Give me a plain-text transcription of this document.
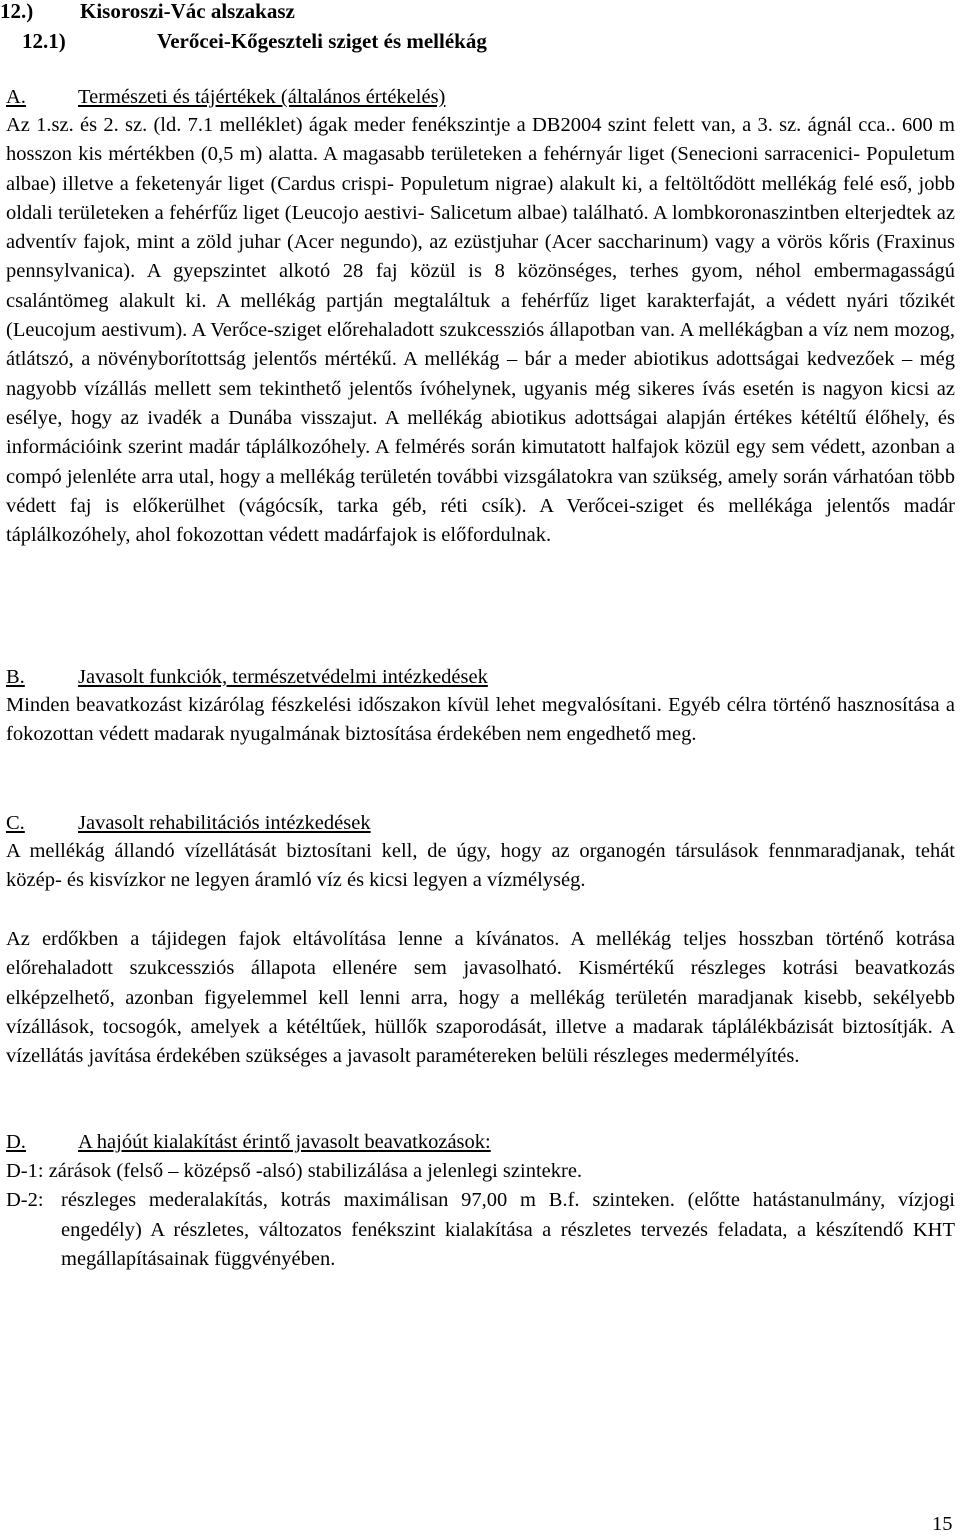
12.) Kisoroszi-Vác alszakasz
12.1)	Verőcei-Kőgeszteli sziget és mellékág
A.	Természeti és tájértékek (általános értékelés)
Az 1.sz. és 2. sz. (ld. 7.1 melléklet) ágak meder fenékszintje a DB2004 szint felett van, a 3. sz. ágnál cca.. 600 m hosszon kis mértékben (0,5 m) alatta. A magasabb területeken a fehérnyár liget (Senecioni sarracenici- Populetum albae) illetve a feketenyár liget (Cardus crispi- Populetum nigrae) alakult ki, a feltöltődött mellékág felé eső, jobb oldali területeken a fehérfűz liget (Leucojo aestivi- Salicetum albae) található. A lombkoronaszintben elterjedtek az adventív fajok, mint a zöld juhar (Acer negundo), az ezüstjuhar (Acer saccharinum) vagy a vörös kőris (Fraxinus pennsylvanica). A gyepszintet alkotó 28 faj közül is 8 közönséges, terhes gyom, néhol embermagasságú csalántömeg alakult ki. A mellékág partján megtaláltuk a fehérfűz liget karakterfaját, a védett nyári tőzikét (Leucojum aestivum). A Verőce-sziget előrehaladott szukcessziós állapotban van. A mellékágban a víz nem mozog, átlátszó, a növényborítottság jelentős mértékű. A mellékág – bár a meder abiotikus adottságai kedvezőek – még nagyobb vízállás mellett sem tekinthető jelentős ívóhelynek, ugyanis még sikeres ívás esetén is nagyon kicsi az esélye, hogy az ivadék a Dunába visszajut. A mellékág abiotikus adottságai alapján értékes kétéltű élőhely, és információink szerint madár táplálkozóhely. A felmérés során kimutatott halfajok közül egy sem védett, azonban a compó jelenléte arra utal, hogy a mellékág területén további vizsgálatokra van szükség, amely során várhatóan több védett faj is előkerülhet (vágócsík, tarka géb, réti csík). A Verőcei-sziget és mellékága jelentős madár táplálkozóhely, ahol fokozottan védett madárfajok is előfordulnak.
B.	Javasolt funkciók, természetvédelmi intézkedések
Minden beavatkozást kizárólag fészkelési időszakon kívül lehet megvalósítani. Egyéb célra történő hasznosítása a fokozottan védett madarak nyugalmának biztosítása érdekében nem engedhető meg.
C.	Javasolt rehabilitációs intézkedések
A mellékág állandó vízellátását biztosítani kell, de úgy, hogy az organogén társulások fennmaradjanak, tehát közép- és kisvízkor ne legyen áramló víz és kicsi legyen a vízmélység.
Az erdőkben a tájidegen fajok eltávolítása lenne a kívánatos. A mellékág teljes hosszban történő kotrása előrehaladott szukcessziós állapota ellenére sem javasolható. Kismértékű részleges kotrási beavatkozás elképzelhető, azonban figyelemmel kell lenni arra, hogy a mellékág területén maradjanak kisebb, sekélyebb vízállások, tocsogók, amelyek a kétéltűek, hüllők szaporodását, illetve a madarak táplálékbázisát biztosítják. A vízellátás javítása érdekében szükséges a javasolt paramétereken belüli részleges medermélyítés.
D.	A hajóút kialakítást érintő javasolt beavatkozások:
D-1: zárások (felső – középső -alsó) stabilizálása a jelenlegi szintekre.
D-2: részleges mederalakítás, kotrás maximálisan 97,00 m B.f. szinteken. (előtte hatástanulmány, vízjogi engedély) A részletes, változatos fenékszint kialakítása a részletes tervezés feladata, a készítendő KHT megállapításainak függvényében.
15
